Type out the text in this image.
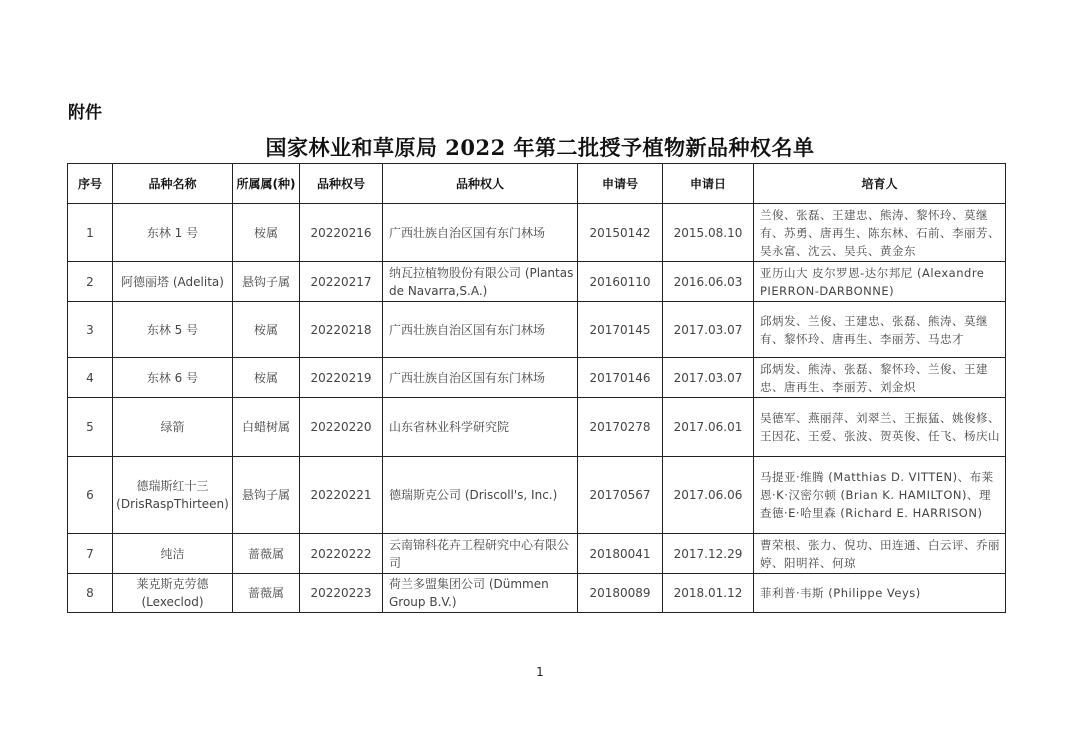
附件
国家林业和草原局 2022 年第二批授予植物新品种权名单
序号	品种名称	所属属(种)	品种权号	品种权人	申请号	申请日	培育人
1	东林 1 号	桉属	20220216	广西壮族自治区国有东门林场	20150142	2015.08.10	兰俊、张磊、王建忠、熊涛、黎怀玲、莫继有、苏勇、唐再生、陈东林、石前、李丽芳、吴永富、沈云、吴兵、黄金东
2	阿德丽塔 (Adelita)	悬钩子属	20220217	纳瓦拉植物股份有限公司 (Plantas de Navarra,S.A.)	20160110	2016.06.03	亚历山大 皮尔罗恩-达尔邦尼 (Alexandre PIERRON-DARBONNE)
3	东林 5 号	桉属	20220218	广西壮族自治区国有东门林场	20170145	2017.03.07	邱炳发、兰俊、王建忠、张磊、熊涛、莫继有、黎怀玲、唐再生、李丽芳、马忠才
4	东林 6 号	桉属	20220219	广西壮族自治区国有东门林场	20170146	2017.03.07	邱炳发、熊涛、张磊、黎怀玲、兰俊、王建忠、唐再生、李丽芳、刘金炽
5	绿箭	白蜡树属	20220220	山东省林业科学研究院	20170278	2017.06.01	吴德军、燕丽萍、刘翠兰、王振猛、姚俊修、王因花、王爱、张波、贺英俊、任飞、杨庆山
6	德瑞斯红十三 (DrisRaspThirteen)	悬钩子属	20220221	德瑞斯克公司 (Driscoll's, Inc.)	20170567	2017.06.06	马提亚·维腾 (Matthias D. VITTEN)、布莱恩·K·汉密尔顿 (Brian K. HAMILTON)、理查德·E·哈里森 (Richard E. HARRISON)
7	纯洁	蔷薇属	20220222	云南锦科花卉工程研究中心有限公司	20180041	2017.12.29	曹荣根、张力、倪功、田连通、白云评、乔丽婷、阳明祥、何琼
8	莱克斯克劳德 (Lexeclod)	蔷薇属	20220223	荷兰多盟集团公司 (Dümmen Group B.V.)	20180089	2018.01.12	菲利普·韦斯 (Philippe Veys)
1
